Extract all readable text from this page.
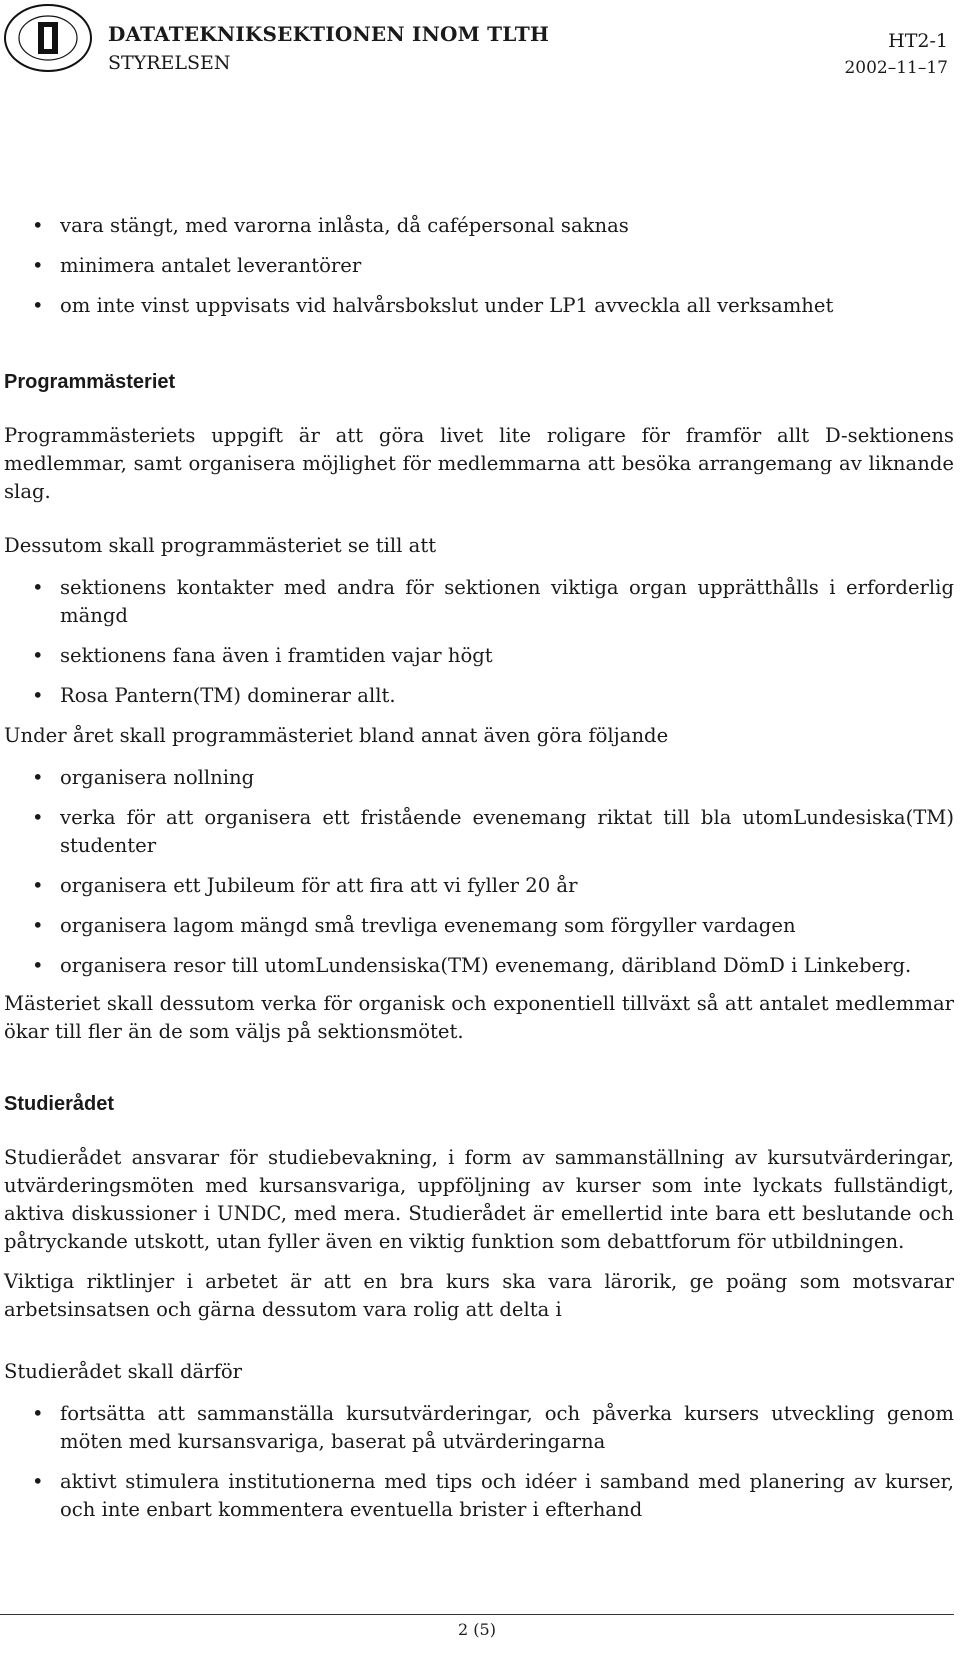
DATATEKNIKSEKTIONEN INOM TLTH
STYRELSEN
HT2-1
2002–11–17
• vara stängt, med varorna inlåsta, då cafépersonal saknas
• minimera antalet leverantörer
• om inte vinst uppvisats vid halvårsbokslut under LP1 avveckla all verksamhet
Programmästeriet

Programmästeriets uppgift är att göra livet lite roligare för framför allt D-sektionens medlemmar, samt organisera möjlighet för medlemmarna att besöka arrangemang av liknande slag.

Dessutom skall programmästeriet se till att

• sektionens kontakter med andra för sektionen viktiga organ upprätthålls i erforderlig mängd
• sektionens fana även i framtiden vajar högt
• Rosa Pantern(TM) dominerar allt.

Under året skall programmästeriet bland annat även göra följande

• organisera nollning
• verka för att organisera ett fristående evenemang riktat till bla utomLundesiska(TM) studenter
• organisera ett Jubileum för att fira att vi fyller 20 år
• organisera lagom mängd små trevliga evenemang som förgyller vardagen
• organisera resor till utomLundensiska(TM) evenemang, däribland DömD i Linkeberg.

Mästeriet skall dessutom verka för organisk och exponentiell tillväxt så att antalet medlemmar ökar till fler än de som väljs på sektionsmötet.

Studierådet

Studierådet ansvarar för studiebevakning, i form av sammanställning av kursutvärderingar, utvärderingsmöten med kursansvariga, uppföljning av kurser som inte lyckats fullständigt, aktiva diskussioner i UNDC, med mera. Studierådet är emellertid inte bara ett beslutande och påtryckande utskott, utan fyller även en viktig funktion som debattforum för utbildningen.

Viktiga riktlinjer i arbetet är att en bra kurs ska vara lärorik, ge poäng som motsvarar arbetsinsatsen och gärna dessutom vara rolig att delta i

Studierådet skall därför

• fortsätta att sammanställa kursutvärderingar, och påverka kursers utveckling genom möten med kursansvariga, baserat på utvärderingarna
• aktivt stimulera institutionerna med tips och idéer i samband med planering av kurser, och inte enbart kommentera eventuella brister i efterhand
2 (5)
